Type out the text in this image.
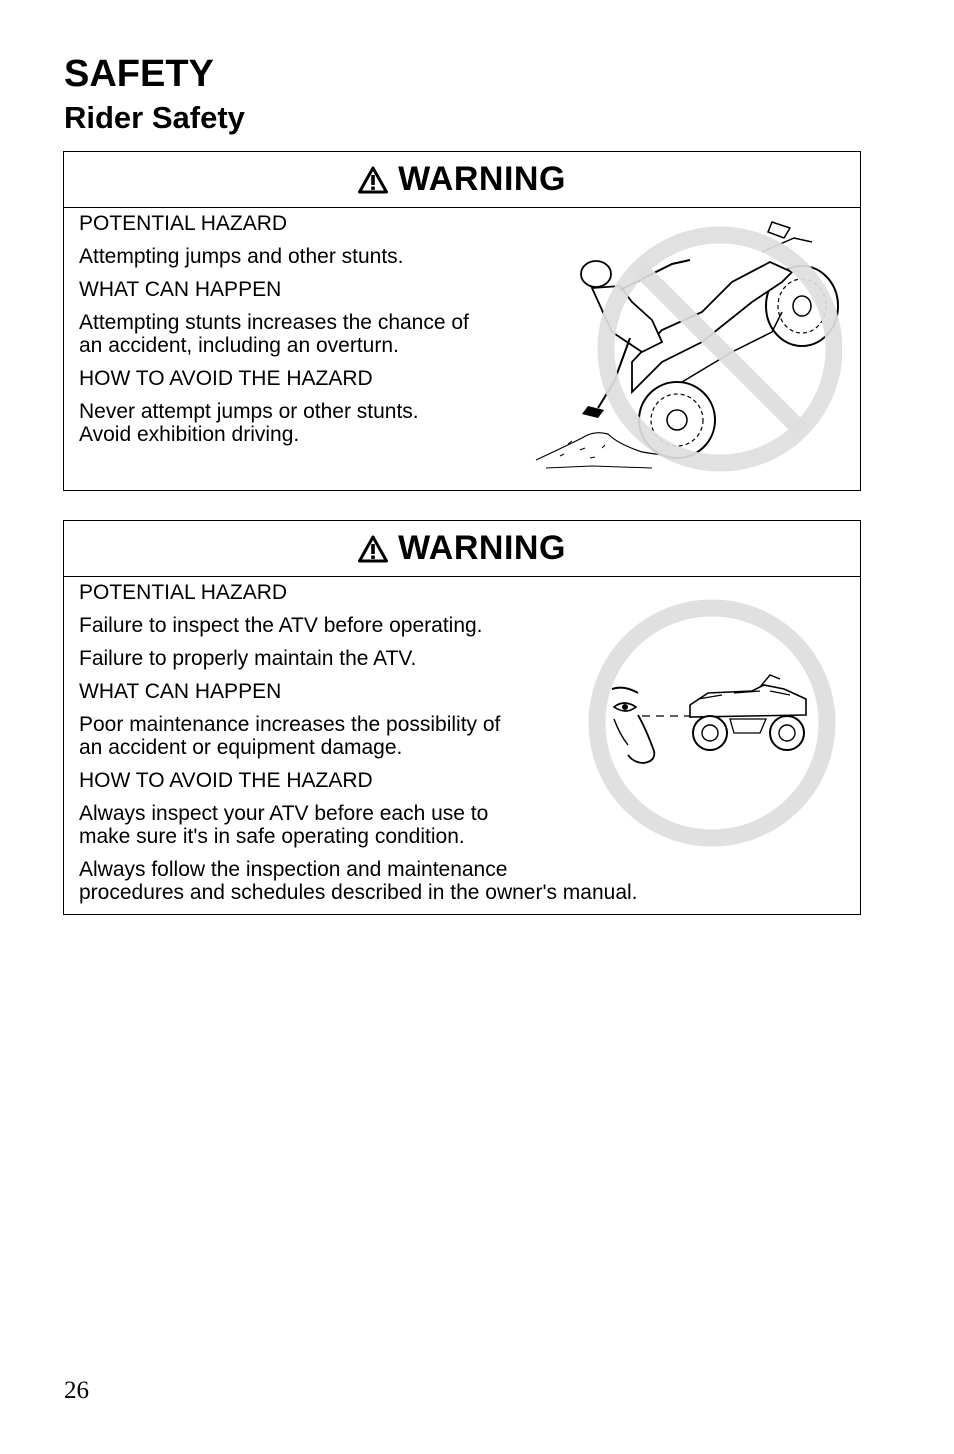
SAFETY
Rider Safety
WARNING

POTENTIAL HAZARD

Attempting jumps and other stunts.

WHAT CAN HAPPEN

Attempting stunts increases the chance of
an accident, including an overturn.

HOW TO AVOID THE HAZARD

Never attempt jumps or other stunts.
Avoid exhibition driving.

WARNING

POTENTIAL HAZARD

Failure to inspect the ATV before operating.

Failure to properly maintain the ATV.

WHAT CAN HAPPEN

Poor maintenance increases the possibility of
an accident or equipment damage.

HOW TO AVOID THE HAZARD

Always inspect your ATV before each use to
make sure it's in safe operating condition.

Always follow the inspection and maintenance
procedures and schedules described in the owner's manual.

26
